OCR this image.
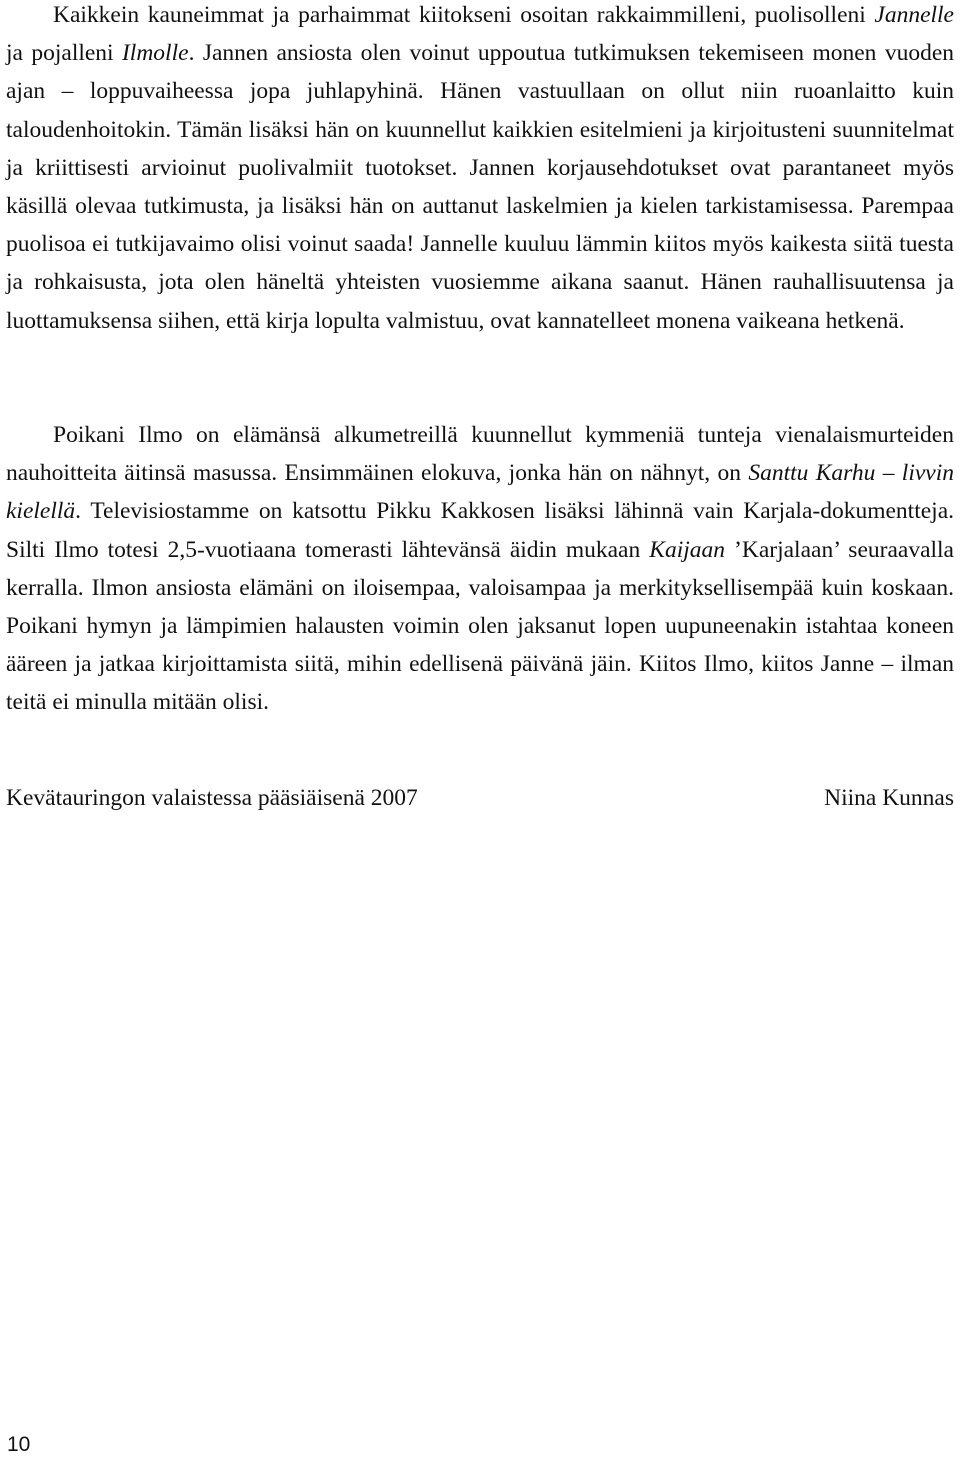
Kaikkein kauneimmat ja parhaimmat kiitokseni osoitan rakkaimmilleni, puolisolleni Jannelle ja pojalleni Ilmolle. Jannen ansiosta olen voinut uppoutua tutkimuksen tekemiseen monen vuoden ajan – loppuvaiheessa jopa juhlapyhinä. Hänen vastuullaan on ollut niin ruoanlaitto kuin taloudenhoitokin. Tämän lisäksi hän on kuunnellut kaikkien esitelmieni ja kirjoitusteni suunnitelmat ja kriittisesti arvioinut puolivalmiit tuotokset. Jannen korjausehdotukset ovat parantaneet myös käsillä olevaa tutkimusta, ja lisäksi hän on auttanut laskelmien ja kielen tarkistamisessa. Parempaa puolisoa ei tutkijavaimo olisi voinut saada! Jannelle kuuluu lämmin kiitos myös kaikesta siitä tuesta ja rohkaisusta, jota olen häneltä yhteisten vuosiemme aikana saanut. Hänen rauhallisuutensa ja luottamuksensa siihen, että kirja lopulta valmistuu, ovat kannatelleet monena vaikeana hetkenä.

Poikani Ilmo on elämänsä alkumetreillä kuunnellut kymmeniä tunteja vienalaismurteiden nauhoitteita äitinsä masussa. Ensimmäinen elokuva, jonka hän on nähnyt, on Santtu Karhu – livvin kielellä. Televisiostamme on katsottu Pikku Kakkosen lisäksi lähinnä vain Karjala-dokumentteja. Silti Ilmo totesi 2,5-vuotiaana tomerasti lähtevänsä äidin mukaan Kaijaan ’Karjalaan’ seuraavalla kerralla. Ilmon ansiosta elämäni on iloisempaa, valoisampaa ja merkityksellisempää kuin koskaan. Poikani hymyn ja lämpimien halausten voimin olen jaksanut lopen uupuneenakin istahtaa koneen ääreen ja jatkaa kirjoittamista siitä, mihin edellisenä päivänä jäin. Kiitos Ilmo, kiitos Janne – ilman teitä ei minulla mitään olisi.

Kevätauringon valaistessa pääsiäisenä 2007	Niina Kunnas
10
